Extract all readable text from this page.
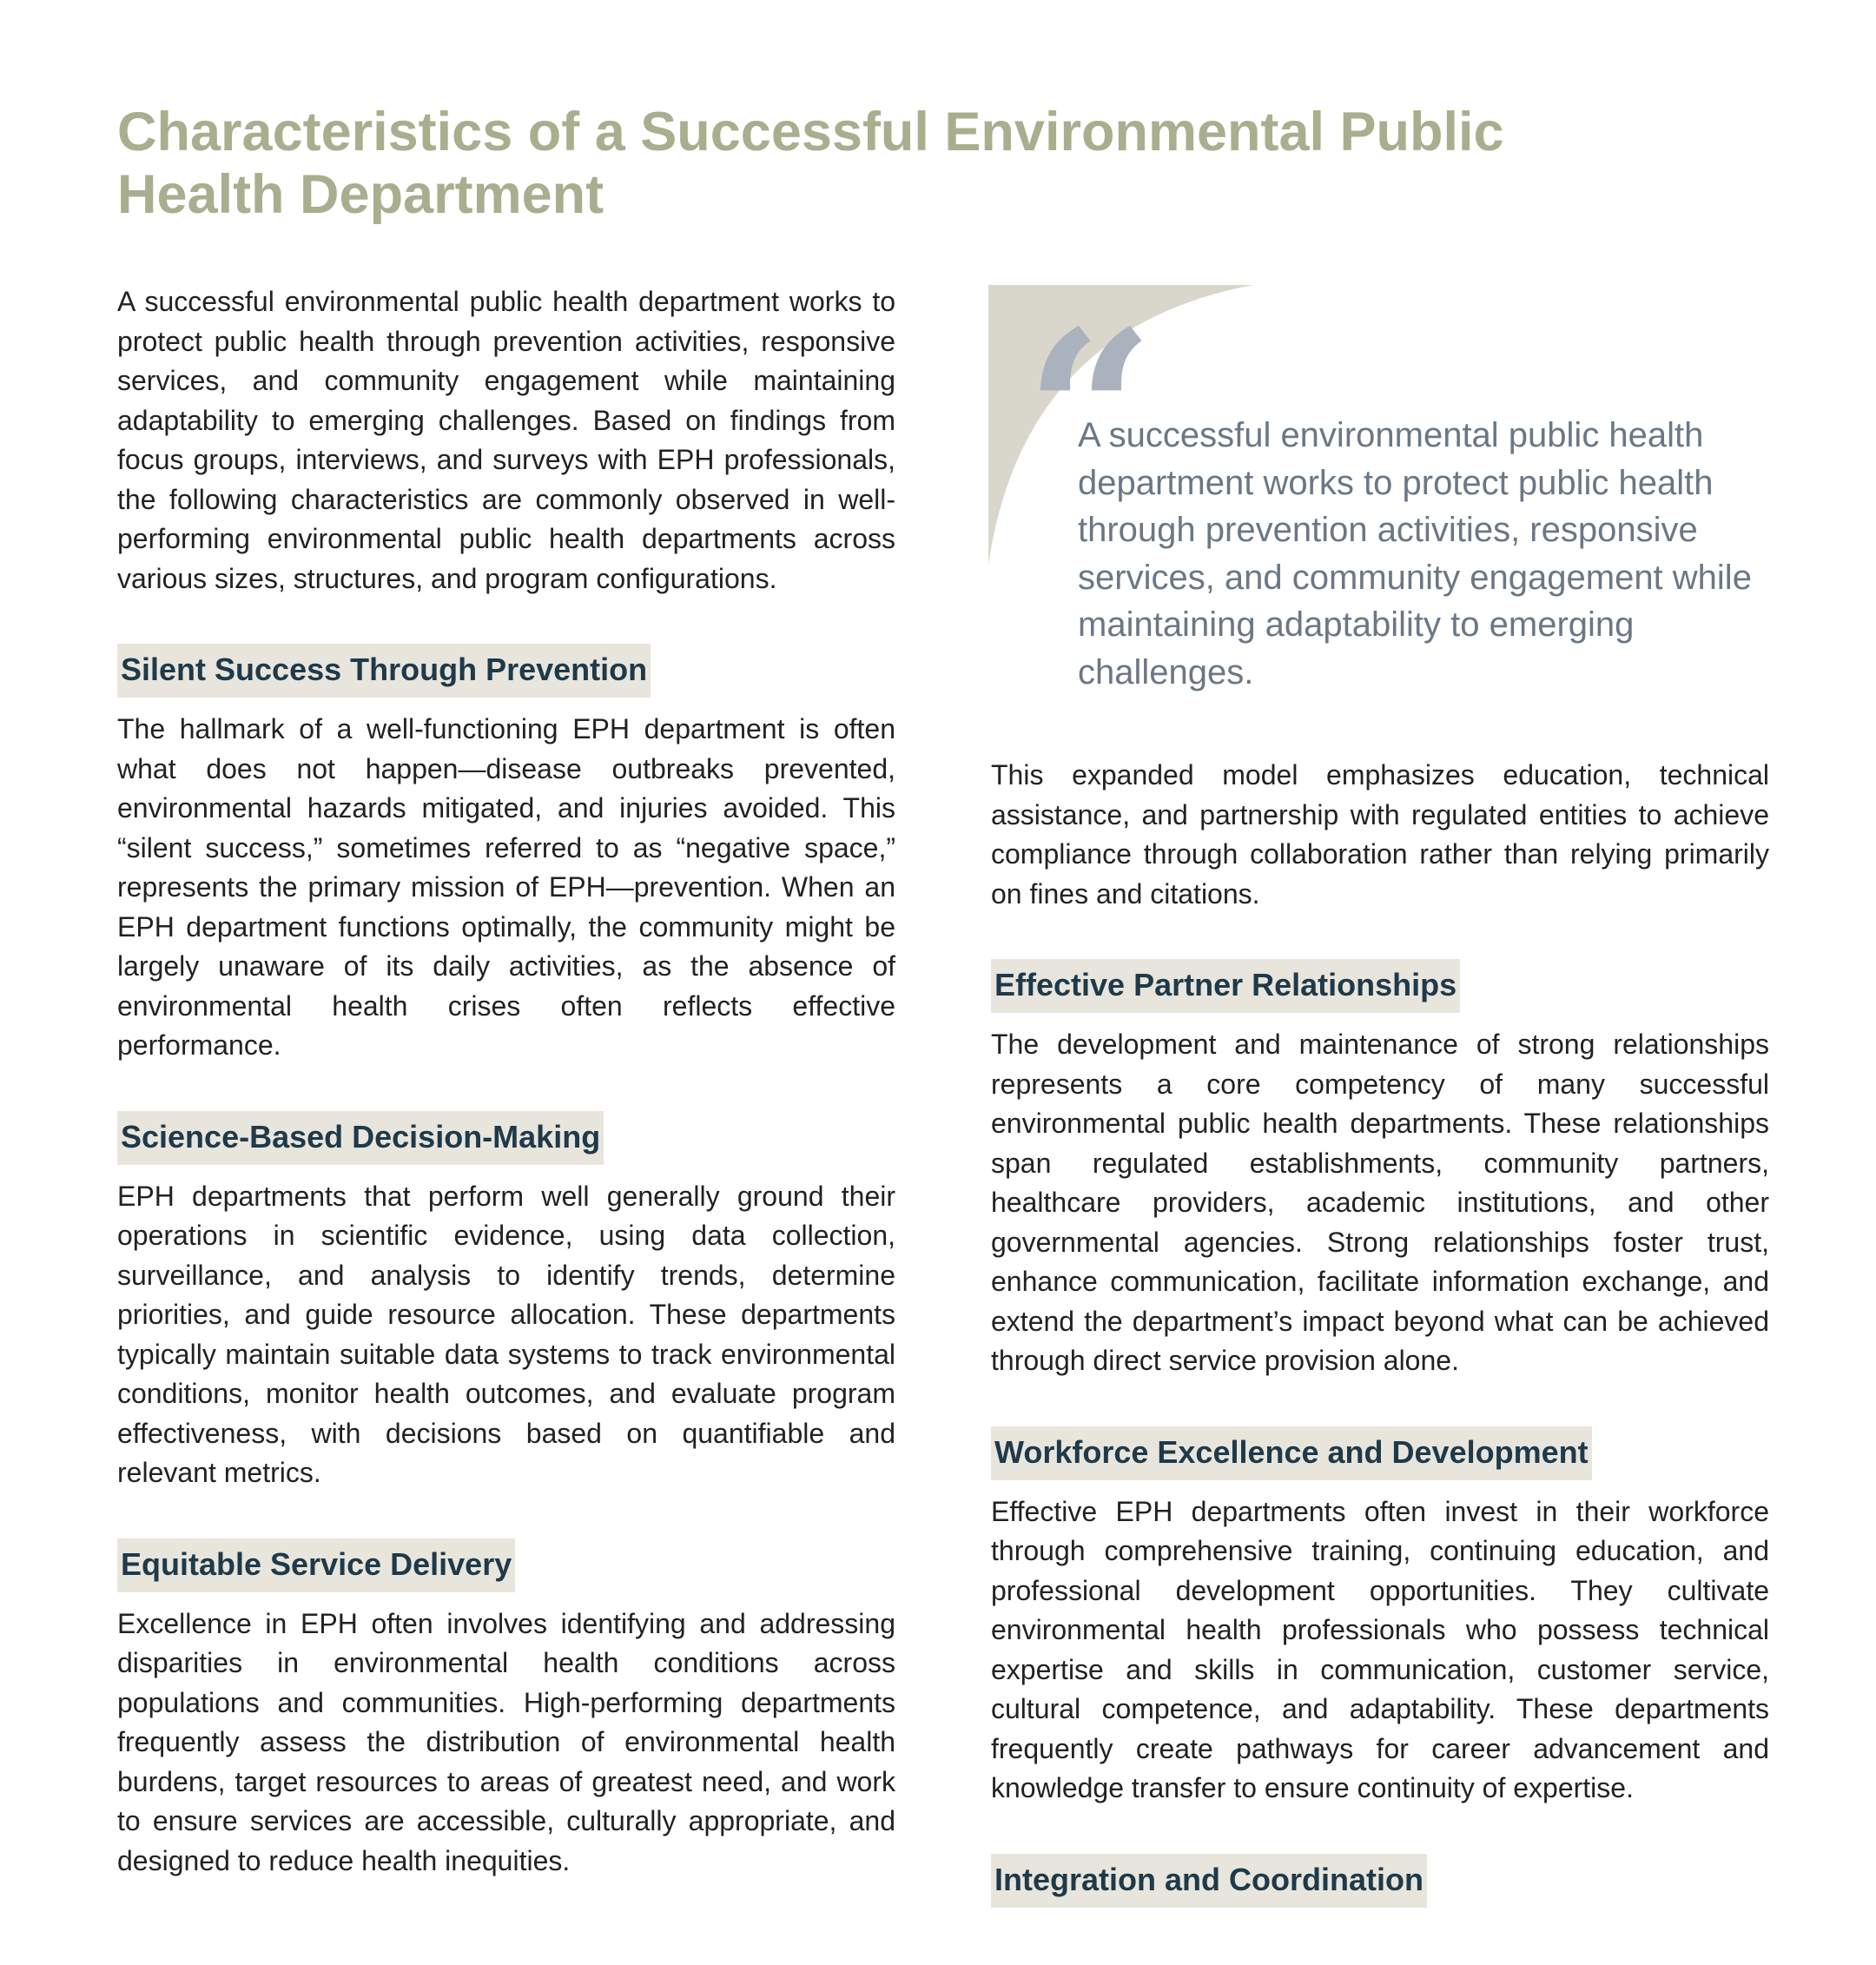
Characteristics of a Successful Environmental Public Health Department

A successful environmental public health department works to protect public health through prevention activities, responsive services, and community engagement while maintaining adaptability to emerging challenges. Based on findings from focus groups, interviews, and surveys with EPH professionals, the following characteristics are commonly observed in well-performing environmental public health departments across various sizes, structures, and program configurations.

Silent Success Through Prevention

The hallmark of a well-functioning EPH department is often what does not happen—disease outbreaks prevented, environmental hazards mitigated, and injuries avoided. This “silent success,” sometimes referred to as “negative space,” represents the primary mission of EPH—prevention. When an EPH department functions optimally, the community might be largely unaware of its daily activities, as the absence of environmental health crises often reflects effective performance.

Science-Based Decision-Making

EPH departments that perform well generally ground their operations in scientific evidence, using data collection, surveillance, and analysis to identify trends, determine priorities, and guide resource allocation. These departments typically maintain suitable data systems to track environmental conditions, monitor health outcomes, and evaluate program effectiveness, with decisions based on quantifiable and relevant metrics.

Equitable Service Delivery

Excellence in EPH often involves identifying and addressing disparities in environmental health conditions across populations and communities. High-performing departments frequently assess the distribution of environmental health burdens, target resources to areas of greatest need, and work to ensure services are accessible, culturally appropriate, and designed to reduce health inequities.

“

A successful environmental public health department works to protect public health through prevention activities, responsive services, and community engagement while maintaining adaptability to emerging challenges.

This expanded model emphasizes education, technical assistance, and partnership with regulated entities to achieve compliance through collaboration rather than relying primarily on fines and citations.

Effective Partner Relationships

The development and maintenance of strong relationships represents a core competency of many successful environmental public health departments. These relationships span regulated establishments, community partners, healthcare providers, academic institutions, and other governmental agencies. Strong relationships foster trust, enhance communication, facilitate information exchange, and extend the department’s impact beyond what can be achieved through direct service provision alone.

Workforce Excellence and Development

Effective EPH departments often invest in their workforce through comprehensive training, continuing education, and professional development opportunities. They cultivate environmental health professionals who possess technical expertise and skills in communication, customer service, cultural competence, and adaptability. These departments frequently create pathways for career advancement and knowledge transfer to ensure continuity of expertise.

Integration and Coordination
